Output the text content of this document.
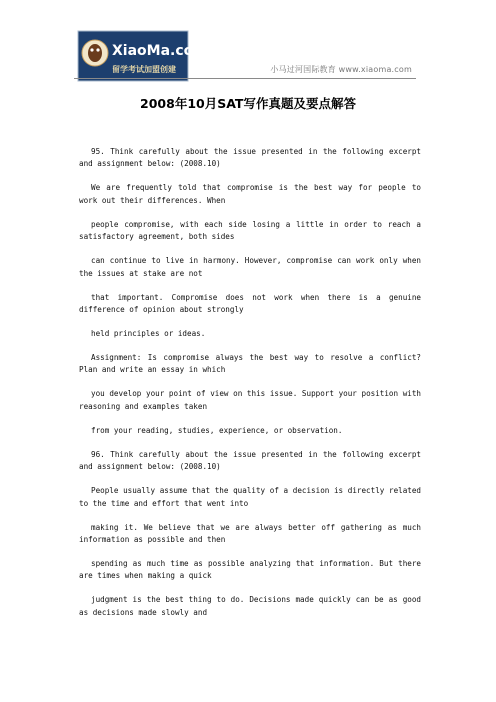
XiaoMa.com
留学考试加盟创建	小马过河国际教育 www.xiaoma.com
2008年10月SAT写作真题及要点解答

95. Think carefully about the issue presented in the following excerpt and assignment below: (2008.10)

We are frequently told that compromise is the best way for people to work out their differences. When

people compromise, with each side losing a little in order to reach a satisfactory agreement, both sides

can continue to live in harmony. However, compromise can work only when the issues at stake are not

that important. Compromise does not work when there is a genuine difference of opinion about strongly

held principles or ideas.

Assignment: Is compromise always the best way to resolve a conflict? Plan and write an essay in which

you develop your point of view on this issue. Support your position with reasoning and examples taken

from your reading, studies, experience, or observation.

96. Think carefully about the issue presented in the following excerpt and assignment below: (2008.10)

People usually assume that the quality of a decision is directly related to the time and effort that went into

making it. We believe that we are always better off gathering as much information as possible and then

spending as much time as possible analyzing that information. But there are times when making a quick

judgment is the best thing to do. Decisions made quickly can be as good as decisions made slowly and
